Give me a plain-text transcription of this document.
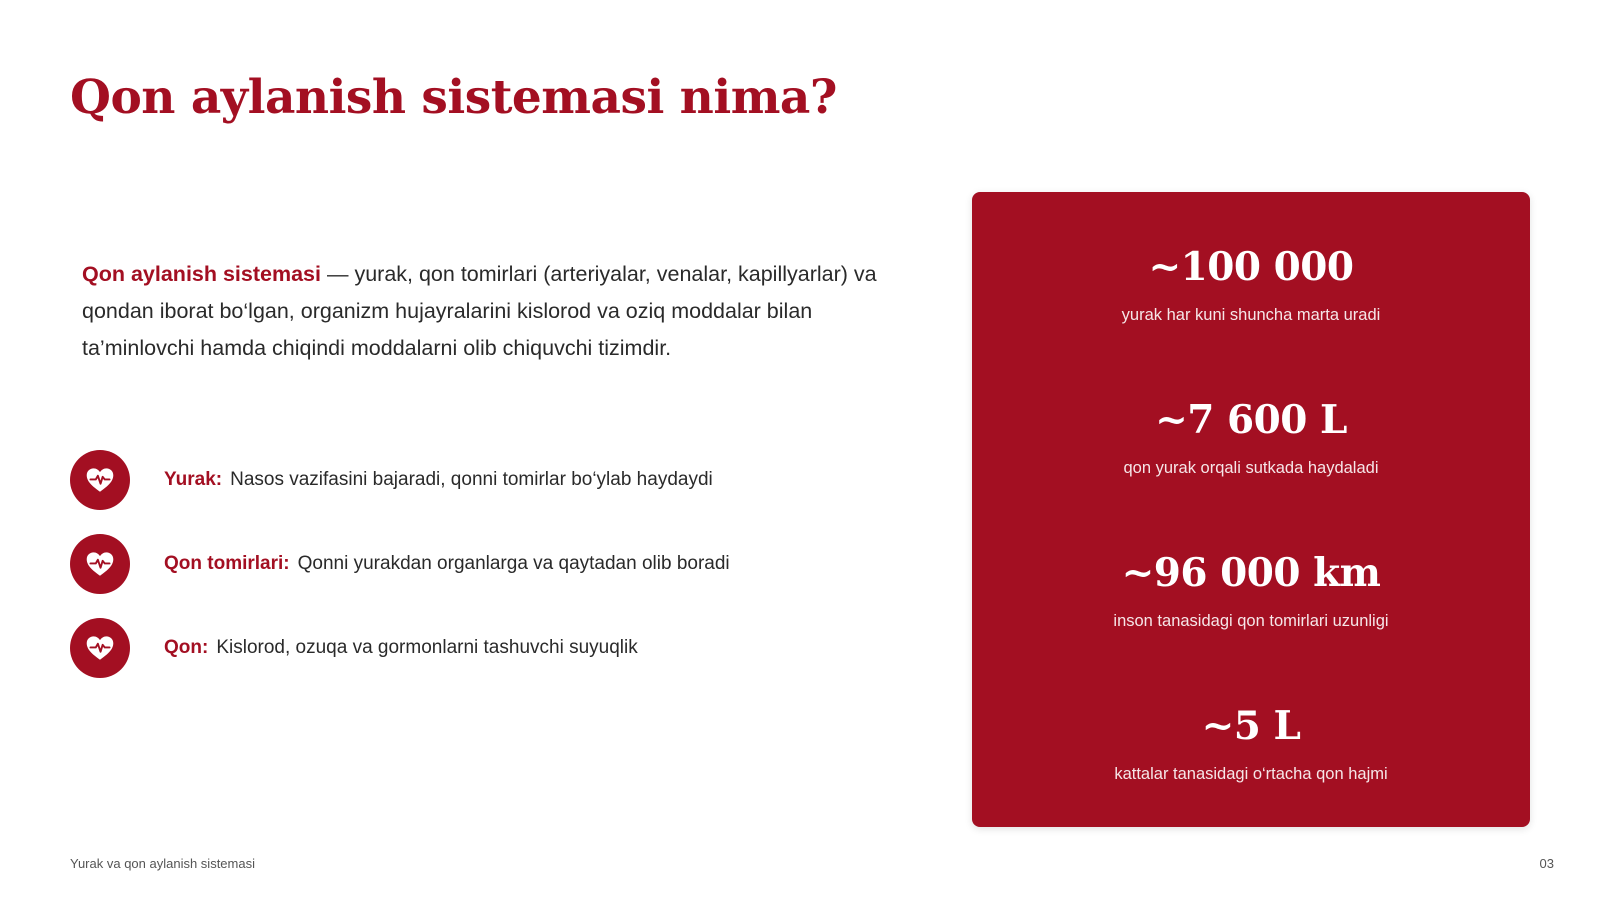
Qon aylanish sistemasi nima?

Qon aylanish sistemasi — yurak, qon tomirlari (arteriyalar, venalar, kapillyarlar) va qondan iborat bo‘lgan, organizm hujayralarini kislorod va oziq moddalar bilan ta’minlovchi hamda chiqindi moddalarni olib chiquvchi tizimdir.

Yurak: Nasos vazifasini bajaradi, qonni tomirlar bo‘ylab haydaydi
Qon tomirlari: Qonni yurakdan organlarga va qaytadan olib boradi
Qon: Kislorod, ozuqa va gormonlarni tashuvchi suyuqlik
~100 000
yurak har kuni shuncha marta uradi
~7 600 L
qon yurak orqali sutkada haydaladi
~96 000 km
inson tanasidagi qon tomirlari uzunligi
~5 L
kattalar tanasidagi o‘rtacha qon hajmi
Yurak va qon aylanish sistemasi	03
